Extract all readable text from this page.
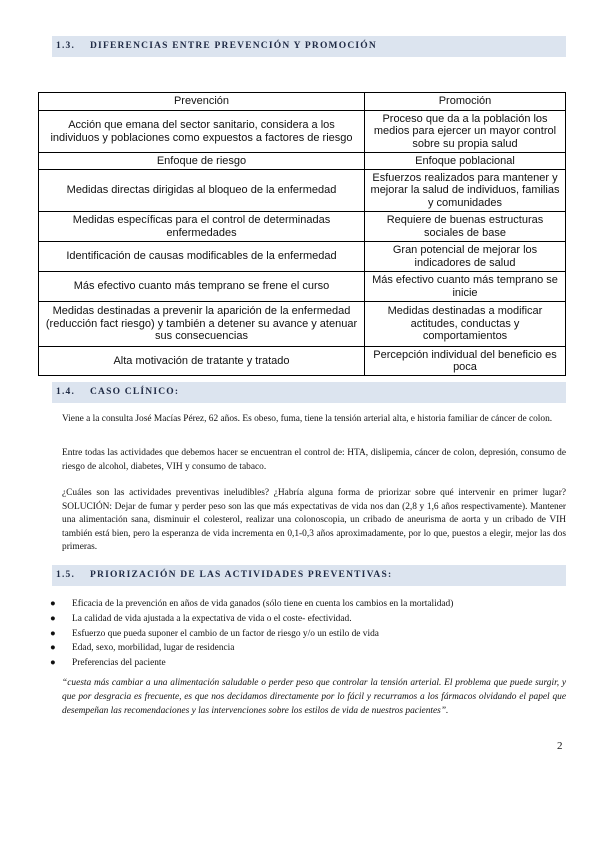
1.3. DIFERENCIAS ENTRE PREVENCIÓN Y PROMOCIÓN
Prevención	Promoción
Acción que emana del sector sanitario, considera a los individuos y poblaciones como expuestos a factores de riesgo	Proceso que da a la población los medios para ejercer un mayor control sobre su propia salud
Enfoque de riesgo	Enfoque poblacional
Medidas directas dirigidas al bloqueo de la enfermedad	Esfuerzos realizados para mantener y mejorar la salud de individuos, familias y comunidades
Medidas específicas para el control de determinadas enfermedades	Requiere de buenas estructuras sociales de base
Identificación de causas modificables de la enfermedad	Gran potencial de mejorar los indicadores de salud
Más efectivo cuanto más temprano se frene el curso	Más efectivo cuanto más temprano se inicie
Medidas destinadas a prevenir la aparición de la enfermedad (reducción fact riesgo) y también a detener su avance y atenuar sus consecuencias	Medidas destinadas a modificar actitudes, conductas y comportamientos
Alta motivación de tratante y tratado	Percepción individual del beneficio es poca
1.4. CASO CLÍNICO:
Viene a la consulta José Macías Pérez, 62 años. Es obeso, fuma, tiene la tensión arterial alta, e historia familiar de cáncer de colon.
Entre todas las actividades que debemos hacer se encuentran el control de: HTA, dislipemia, cáncer de colon, depresión, consumo de riesgo de alcohol, diabetes, VIH y consumo de tabaco.
¿Cuáles son las actividades preventivas ineludibles? ¿Habría alguna forma de priorizar sobre qué intervenir en primer lugar? SOLUCIÓN: Dejar de fumar y perder peso son las que más expectativas de vida nos dan (2,8 y 1,6 años respectivamente). Mantener una alimentación sana, disminuir el colesterol, realizar una colonoscopia, un cribado de aneurisma de aorta y un cribado de VIH también está bien, pero la esperanza de vida incrementa en 0,1-0,3 años aproximadamente, por lo que, puestos a elegir, mejor las dos primeras.
1.5. PRIORIZACIÓN DE LAS ACTIVIDADES PREVENTIVAS:
● Eficacia de la prevención en años de vida ganados (sólo tiene en cuenta los cambios en la mortalidad)
● La calidad de vida ajustada a la expectativa de vida o el coste- efectividad.
● Esfuerzo que pueda suponer el cambio de un factor de riesgo y/o un estilo de vida
● Edad, sexo, morbilidad, lugar de residencia
● Preferencias del paciente
“cuesta más cambiar a una alimentación saludable o perder peso que controlar la tensión arterial. El problema que puede surgir, y que por desgracia es frecuente, es que nos decidamos directamente por lo fácil y recurramos a los fármacos olvidando el papel que desempeñan las recomendaciones y las intervenciones sobre los estilos de vida de nuestros pacientes”.
2
